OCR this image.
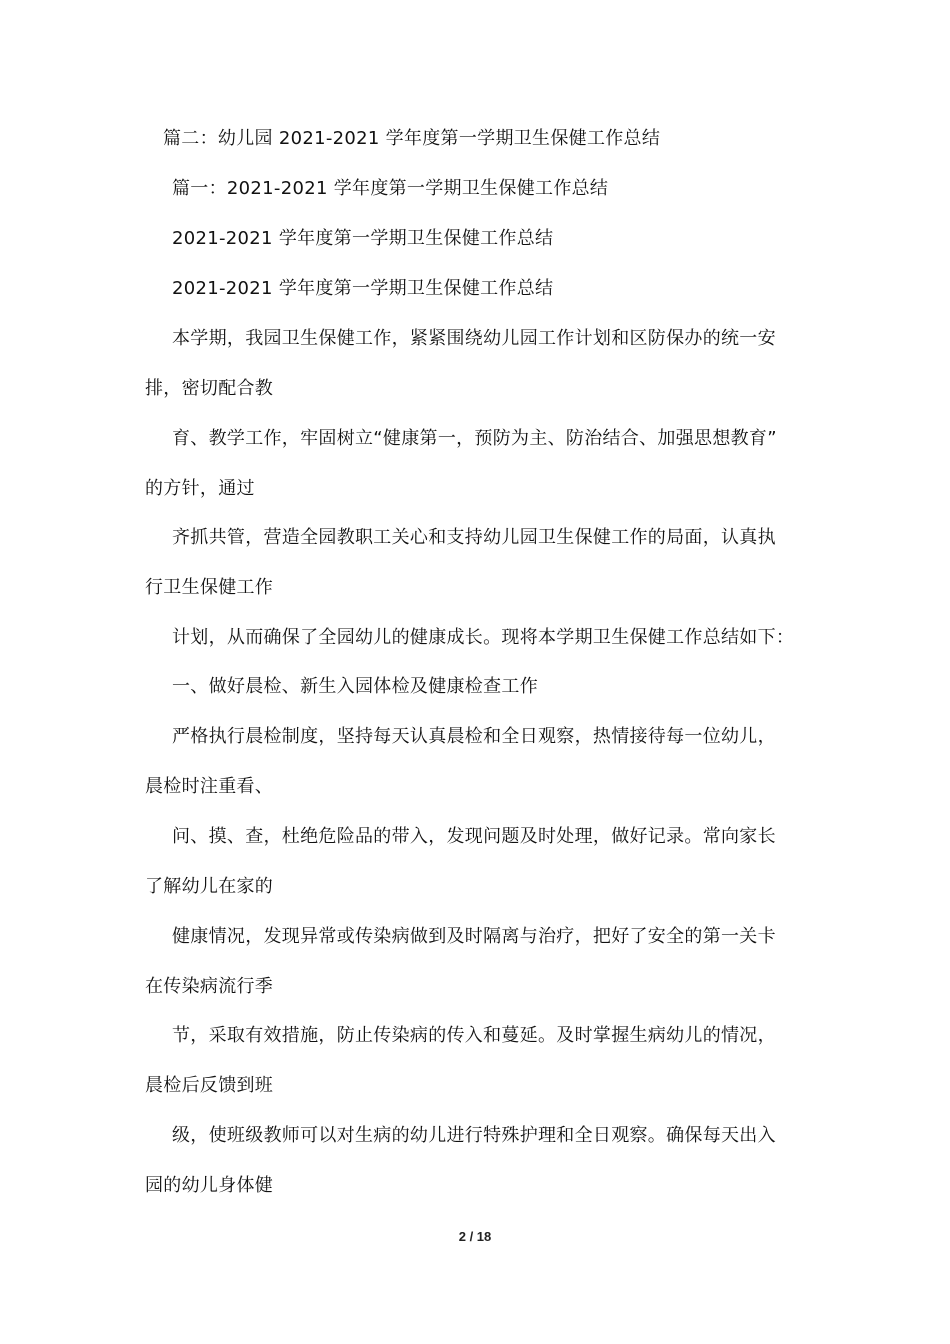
篇二：幼儿园 2021-2021 学年度第一学期卫生保健工作总结
篇一：2021-2021 学年度第一学期卫生保健工作总结
2021-2021 学年度第一学期卫生保健工作总结
2021-2021 学年度第一学期卫生保健工作总结
本学期，我园卫生保健工作，紧紧围绕幼儿园工作计划和区防保办的统一安
排，密切配合教
育、教学工作，牢固树立“健康第一，预防为主、防治结合、加强思想教育”
的方针，通过
齐抓共管，营造全园教职工关心和支持幼儿园卫生保健工作的局面，认真执
行卫生保健工作
计划，从而确保了全园幼儿的健康成长。现将本学期卫生保健工作总结如下：
一、做好晨检、新生入园体检及健康检查工作
严格执行晨检制度，坚持每天认真晨检和全日观察，热情接待每一位幼儿，
晨检时注重看、
问、摸、查，杜绝危险品的带入，发现问题及时处理，做好记录。常向家长
了解幼儿在家的
健康情况，发现异常或传染病做到及时隔离与治疗，把好了安全的第一关卡
在传染病流行季
节，采取有效措施，防止传染病的传入和蔓延。及时掌握生病幼儿的情况，
晨检后反馈到班
级，使班级教师可以对生病的幼儿进行特殊护理和全日观察。确保每天出入
园的幼儿身体健
2 / 18
